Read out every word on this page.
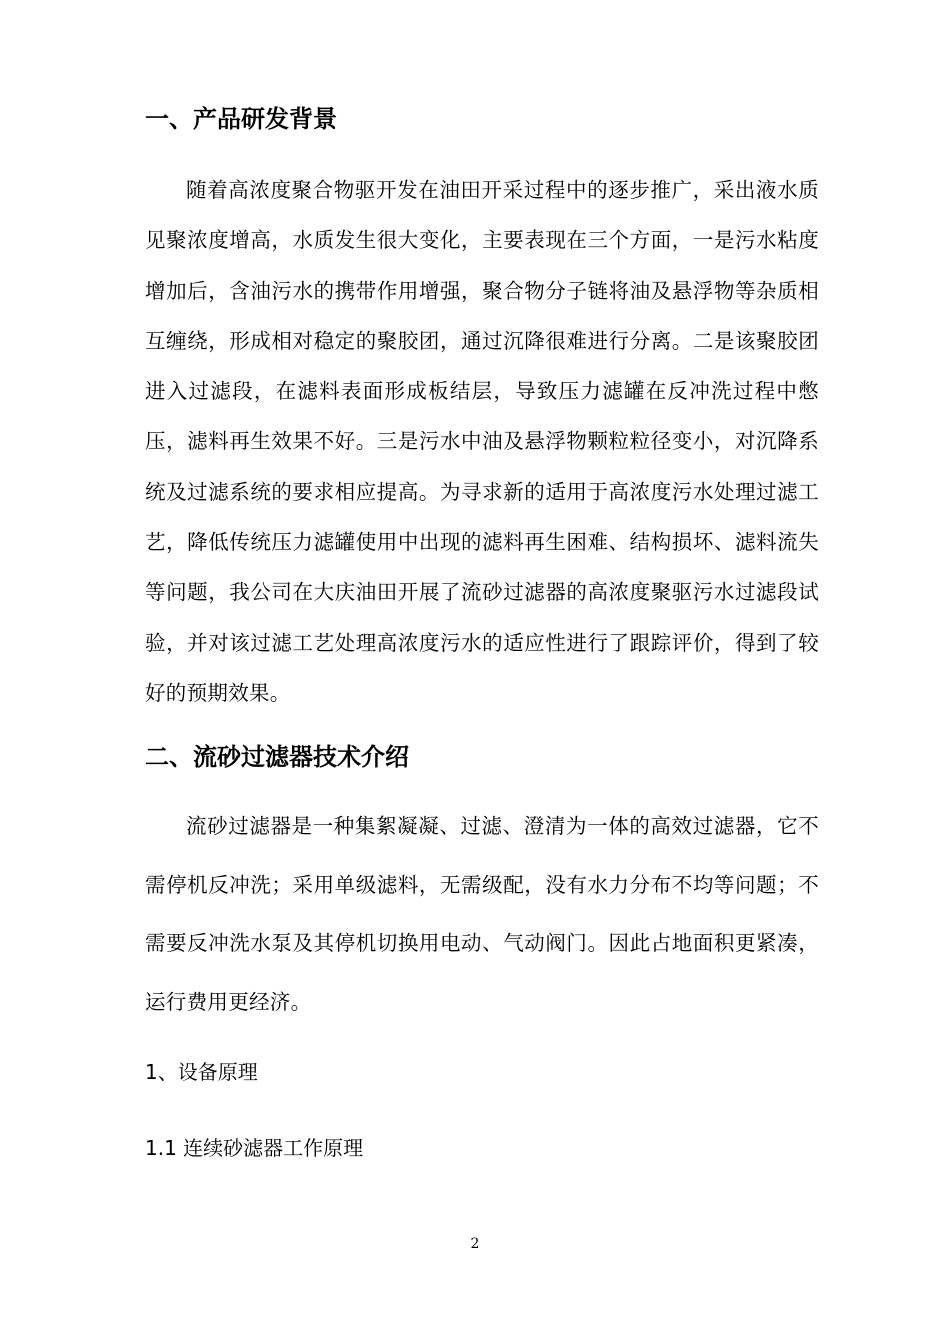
一、产品研发背景

随着高浓度聚合物驱开发在油田开采过程中的逐步推广，采出液水质见聚浓度增高，水质发生很大变化，主要表现在三个方面，一是污水粘度增加后，含油污水的携带作用增强，聚合物分子链将油及悬浮物等杂质相互缠绕，形成相对稳定的聚胶团，通过沉降很难进行分离。二是该聚胶团进入过滤段，在滤料表面形成板结层，导致压力滤罐在反冲洗过程中憋压，滤料再生效果不好。三是污水中油及悬浮物颗粒粒径变小，对沉降系统及过滤系统的要求相应提高。为寻求新的适用于高浓度污水处理过滤工艺，降低传统压力滤罐使用中出现的滤料再生困难、结构损坏、滤料流失等问题，我公司在大庆油田开展了流砂过滤器的高浓度聚驱污水过滤段试验，并对该过滤工艺处理高浓度污水的适应性进行了跟踪评价，得到了较好的预期效果。

二、流砂过滤器技术介绍

流砂过滤器是一种集絮凝凝、过滤、澄清为一体的高效过滤器，它不需停机反冲洗；采用单级滤料，无需级配，没有水力分布不均等问题；不需要反冲洗水泵及其停机切换用电动、气动阀门。因此占地面积更紧凑，运行费用更经济。

1、设备原理
1.1 连续砂滤器工作原理
2
